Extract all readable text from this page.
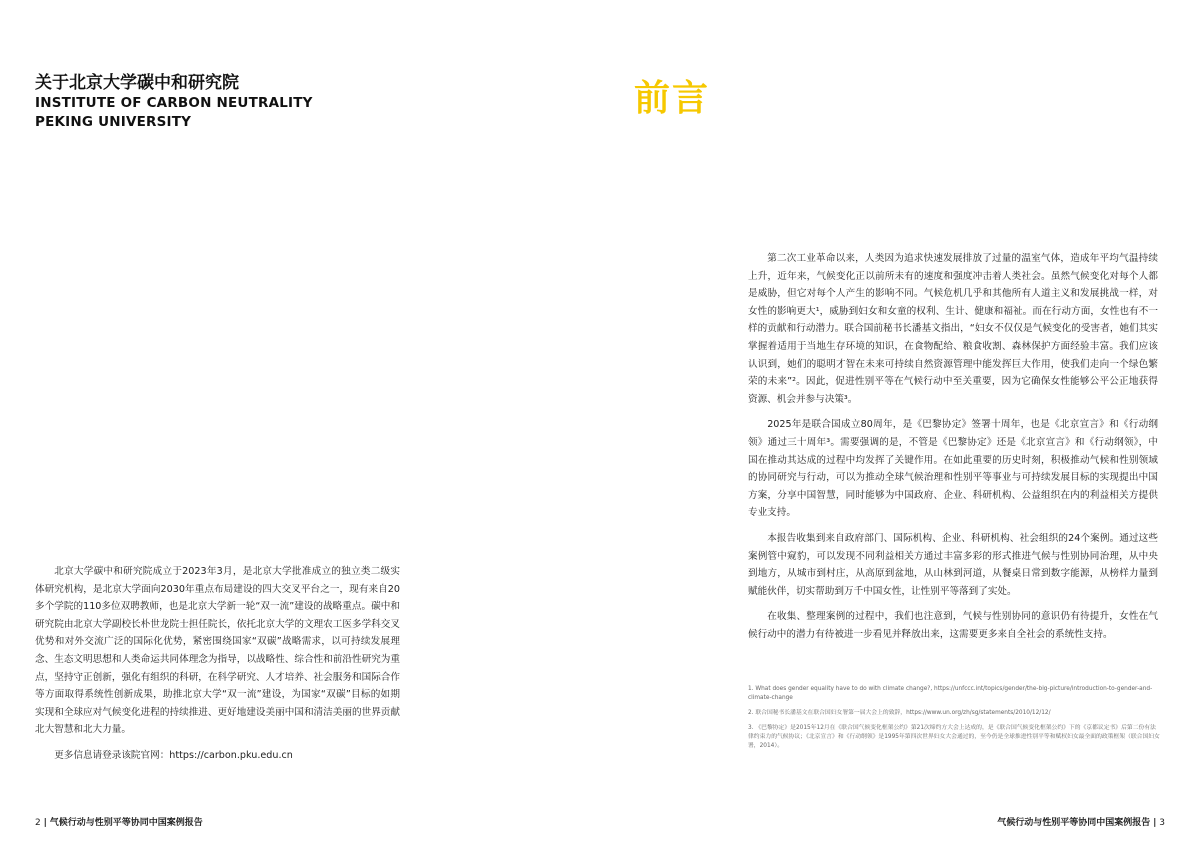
关于北京大学碳中和研究院
INSTITUTE OF CARBON NEUTRALITY
PEKING UNIVERSITY

北京大学碳中和研究院成立于2023年3月，是北京大学批准成立的独立类二级实体研究机构，是北京大学面向2030年重点布局建设的四大交叉平台之一，现有来自20多个学院的110多位双聘教师，也是北京大学新一轮“双一流”建设的战略重点。碳中和研究院由北京大学副校长朴世龙院士担任院长，依托北京大学的文理农工医多学科交叉优势和对外交流广泛的国际化优势，紧密围绕国家“双碳”战略需求，以可持续发展理念、生态文明思想和人类命运共同体理念为指导，以战略性、综合性和前沿性研究为重点，坚持守正创新，强化有组织的科研，在科学研究、人才培养、社会服务和国际合作等方面取得系统性创新成果，助推北京大学“双一流”建设，为国家“双碳”目标的如期实现和全球应对气候变化进程的持续推进、更好地建设美丽中国和清洁美丽的世界贡献北大智慧和北大力量。

更多信息请登录该院官网：https://carbon.pku.edu.cn

2 | 气候行动与性别平等协同中国案例报告
前言

第二次工业革命以来，人类因为追求快速发展排放了过量的温室气体，造成年平均气温持续上升，近年来，气候变化正以前所未有的速度和强度冲击着人类社会。虽然气候变化对每个人都是威胁，但它对每个人产生的影响不同。气候危机几乎和其他所有人道主义和发展挑战一样，对女性的影响更大¹，威胁到妇女和女童的权利、生计、健康和福祉。而在行动方面，女性也有不一样的贡献和行动潜力。联合国前秘书长潘基文指出，“妇女不仅仅是气候变化的受害者，她们其实掌握着适用于当地生存环境的知识，在食物配给、粮食收割、森林保护方面经验丰富。我们应该认识到，她们的聪明才智在未来可持续自然资源管理中能发挥巨大作用，使我们走向一个绿色繁荣的未来”²。因此，促进性别平等在气候行动中至关重要，因为它确保女性能够公平公正地获得资源、机会并参与决策³。

2025年是联合国成立80周年，是《巴黎协定》签署十周年，也是《北京宣言》和《行动纲领》通过三十周年³。需要强调的是，不管是《巴黎协定》还是《北京宣言》和《行动纲领》，中国在推动其达成的过程中均发挥了关键作用。在如此重要的历史时刻，积极推动气候和性别领域的协同研究与行动，可以为推动全球气候治理和性别平等事业与可持续发展目标的实现提出中国方案，分享中国智慧，同时能够为中国政府、企业、科研机构、公益组织在内的利益相关方提供专业支持。

本报告收集到来自政府部门、国际机构、企业、科研机构、社会组织的24个案例。通过这些案例管中窥豹，可以发现不同利益相关方通过丰富多彩的形式推进气候与性别协同治理，从中央到地方，从城市到村庄，从高原到盆地，从山林到河道，从餐桌日常到数字能源，从榜样力量到赋能伙伴，切实帮助到万千中国女性，让性别平等落到了实处。

在收集、整理案例的过程中，我们也注意到，气候与性别协同的意识仍有待提升，女性在气候行动中的潜力有待被进一步看见并释放出来，这需要更多来自全社会的系统性支持。

1. What does gender equality have to do with climate change?, https://unfccc.int/topics/gender/the-big-picture/introduction-to-gender-and-climate-change
2. 联合国秘书长潘基文在联合国妇女署第一届大会上的致辞，https://www.un.org/zh/sg/statements/2010/12/12/
3. 《巴黎协定》是2015年12月在《联合国气候变化框架公约》第21次缔约方大会上达成的，是《联合国气候变化框架公约》下的《京都议定书》后第二份有法律约束力的气候协议；《北京宣言》和《行动纲领》是1995年第四次世界妇女大会通过的，至今仍是全球推进性别平等和赋权妇女最全面的政策框架（联合国妇女署，2014）。
气候行动与性别平等协同中国案例报告 | 3
